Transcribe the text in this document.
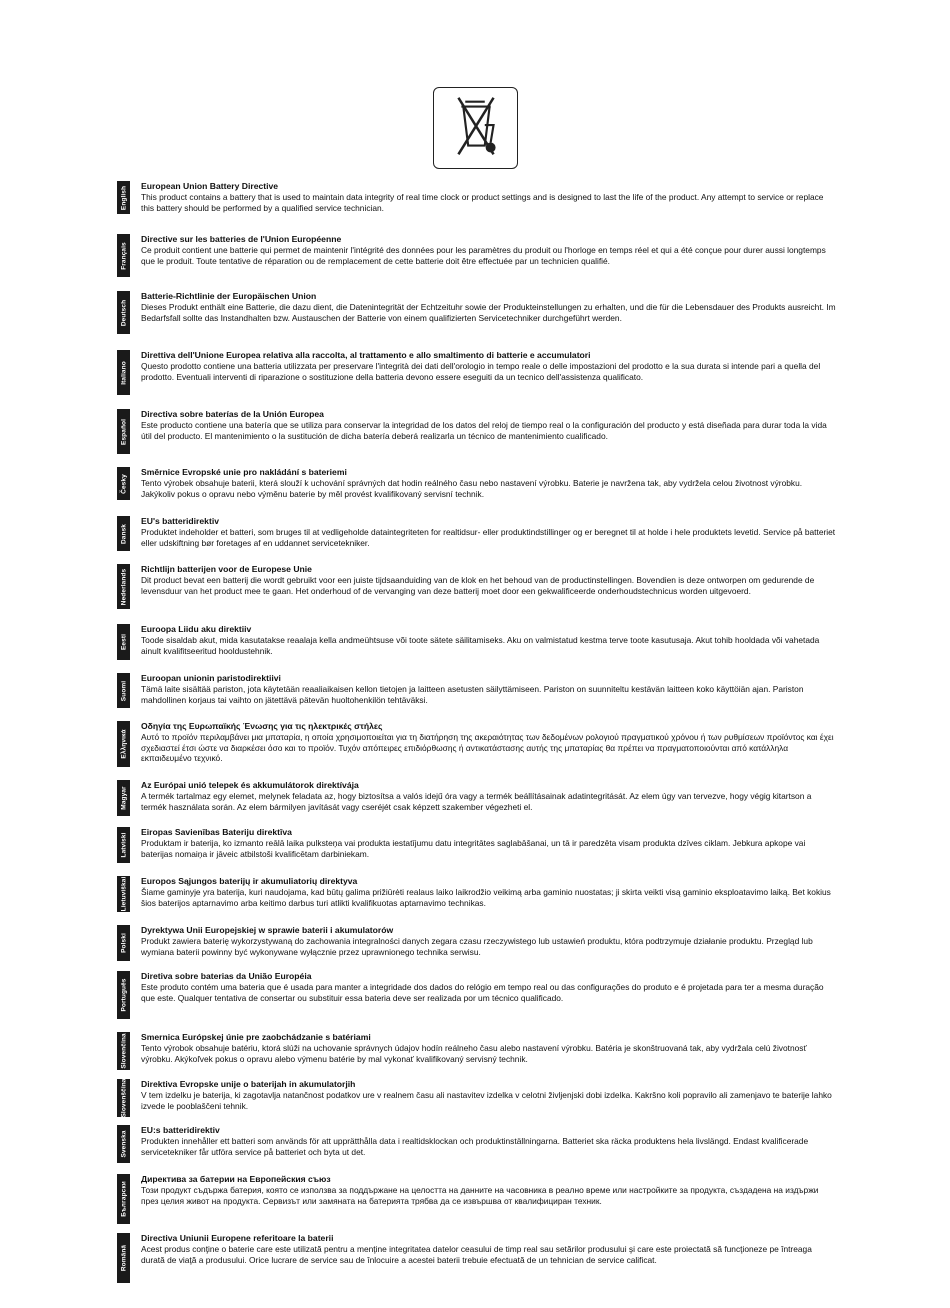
English European Union Battery Directive

This product contains a battery that is used to maintain data integrity of real time clock or product settings and is designed to last the life of the product. Any attempt to service or replace this battery should be performed by a qualified service technician.

Français

Directive sur les batteries de l'Union Européenne

Ce produit contient une batterie qui permet de maintenir l'intégrité des données pour les paramètres du produit ou l'horloge en temps réel et qui a été conçue pour durer aussi longtemps que le produit. Toute tentative de réparation ou de remplacement de cette batterie doit être effectuée par un technicien qualifié.

Deutsch

Batterie-Richtlinie der Europäischen Union

Dieses Produkt enthält eine Batterie, die dazu dient, die Datenintegrität der Echtzeituhr sowie der Produkteinstellungen zu erhalten, und die für die Lebensdauer des Produkts ausreicht. Im Bedarfsfall sollte das Instandhalten bzw. Austauschen der Batterie von einem qualifizierten Servicetechniker durchgeführt werden.

Italiano

Direttiva dell'Unione Europea relativa alla raccolta, al trattamento e allo smaltimento di batterie e accumulatori

Questo prodotto contiene una batteria utilizzata per preservare l'integrità dei dati dell'orologio in tempo reale o delle impostazioni del prodotto e la sua durata si intende pari a quella del prodotto. Eventuali interventi di riparazione o sostituzione della batteria devono essere eseguiti da un tecnico dell'assistenza qualificato.

Español

Directiva sobre baterías de la Unión Europea

Este producto contiene una batería que se utiliza para conservar la integridad de los datos del reloj de tiempo real o la configuración del producto y está diseñada para durar toda la vida útil del producto. El mantenimiento o la sustitución de dicha batería deberá realizarla un técnico de mantenimiento cualificado.

Česky

Směrnice Evropské unie pro nakládání s bateriemi

Tento výrobek obsahuje baterii, která slouží k uchování správných dat hodin reálného času nebo nastavení výrobku. Baterie je navržena tak, aby vydržela celou životnost výrobku. Jakýkoliv pokus o opravu nebo výměnu baterie by měl provést kvalifikovaný servisní technik.

Dansk

EU's batteridirektiv

Produktet indeholder et batteri, som bruges til at vedligeholde dataintegriteten for realtidsur- eller produktindstillinger og er beregnet til at holde i hele produktets levetid. Service på batteriet eller udskiftning bør foretages af en uddannet servicetekniker.

Nederlands Richtlijn batterijen voor de Europese Unie

Dit product bevat een batterij die wordt gebruikt voor een juiste tijdsaanduiding van de klok en het behoud van de productinstellingen. Bovendien is deze ontworpen om gedurende de levensduur van het product mee te gaan. Het onderhoud of de vervanging van deze batterij moet door een gekwalificeerde onderhoudstechnicus worden uitgevoerd.

Eesti

Euroopa Liidu aku direktiiv

Toode sisaldab akut, mida kasutatakse reaalaja kella andmeühtsuse või toote sätete säilitamiseks. Aku on valmistatud kestma terve toote kasutusaja. Akut tohib hooldada või vahetada ainult kvalifitseeritud hooldustehnik.

Suomi

Euroopan unionin paristodirektiivi

Tämä laite sisältää pariston, jota käytetään reaaliaikaisen kellon tietojen ja laitteen asetusten säilyttämiseen. Pariston on suunniteltu kestävän laitteen koko käyttöiän ajan. Pariston mahdollinen korjaus tai vaihto on jätettävä pätevän huoltohenkilön tehtäväksi.

Ελληνικά

Οδηγία της Ευρωπαϊκής Ένωσης για τις ηλεκτρικές στήλες

Αυτό το προϊόν περιλαμβάνει μια μπαταρία, η οποία χρησιμοποιείται για τη διατήρηση της ακεραιότητας των δεδομένων ρολογιού πραγματικού χρόνου ή των ρυθμίσεων προϊόντος και έχει σχεδιαστεί έτσι ώστε να διαρκέσει όσο και το προϊόν. Τυχόν απόπειρες επιδιόρθωσης ή αντικατάστασης αυτής της μπαταρίας θα πρέπει να πραγματοποιούνται από κατάλληλα εκπαιδευμένο τεχνικό.

Magyar

Az Európai unió telepek és akkumulátorok direktívája

A termék tartalmaz egy elemet, melynek feladata az, hogy biztosítsa a valós idejű óra vagy a termék beállításainak adatintegritását. Az elem úgy van tervezve, hogy végig kitartson a termék használata során. Az elem bármilyen javítását vagy cseréjét csak képzett szakember végezheti el.

Latviski

Eiropas Savienības Bateriju direktīva

Produktam ir baterija, ko izmanto reālā laika pulksteņa vai produkta iestatījumu datu integritātes saglabāšanai, un tā ir paredzēta visam produkta dzīves ciklam. Jebkura apkope vai baterijas nomaiņa ir jāveic atbilstoši kvalificētam darbiniekam.

Lietuviškai Europos Sąjungos baterijų ir akumuliatorių direktyva

Šiame gaminyje yra baterija, kuri naudojama, kad būtų galima prižiūrėti realaus laiko laikrodžio veikimą arba gaminio nuostatas; ji skirta veikti visą gaminio eksploatavimo laiką. Bet kokius šios baterijos aptarnavimo arba keitimo darbus turi atlikti kvalifikuotas aptarnavimo technikas.

Polski

Dyrektywa Unii Europejskiej w sprawie baterii i akumulatorów

Produkt zawiera baterię wykorzystywaną do zachowania integralności danych zegara czasu rzeczywistego lub ustawień produktu, która podtrzymuje działanie produktu. Przegląd lub wymiana baterii powinny być wykonywane wyłącznie przez uprawnionego technika serwisu.

Português

Diretiva sobre baterias da União Européia

Este produto contém uma bateria que é usada para manter a integridade dos dados do relógio em tempo real ou das configurações do produto e é projetada para ter a mesma duração que este. Qualquer tentativa de consertar ou substituir essa bateria deve ser realizada por um técnico qualificado.

Slovenčina Smernica Európskej únie pre zaobchádzanie s batériami

Tento výrobok obsahuje batériu, ktorá slúži na uchovanie správnych údajov hodín reálneho času alebo nastavení výrobku. Batéria je skonštruovaná tak, aby vydržala celú životnosť výrobku. Akýkoľvek pokus o opravu alebo výmenu batérie by mal vykonať kvalifikovaný servisný technik.

Slovenščina Direktiva Evropske unije o baterijah in akumulatorjih

V tem izdelku je baterija, ki zagotavlja natančnost podatkov ure v realnem času ali nastavitev izdelka v celotni življenjski dobi izdelka. Kakršno koli popravilo ali zamenjavo te baterije lahko izvede le pooblaščeni tehnik.

Svenska

EU:s batteridirektiv

Produkten innehåller ett batteri som används för att upprätthålla data i realtidsklockan och produktinställningarna. Batteriet ska räcka produktens hela livslängd. Endast kvalificerade servicetekniker får utföra service på batteriet och byta ut det.

Български

Директива за батерии на Европейския съюз

Този продукт съдържа батерия, която се използва за поддържане на целостта на данните на часовника в реално време или настройките за продукта, създадена на издържи през целия живот на продукта. Сервизът или замяната на батерията трябва да се извършва от квалифициран техник.

Română

Directiva Uniunii Europene referitoare la baterii

Acest produs conţine o baterie care este utilizată pentru a menţine integritatea datelor ceasului de timp real sau setărilor produsului şi care este proiectată să funcţioneze pe întreaga durată de viaţă a produsului. Orice lucrare de service sau de înlocuire a acestei baterii trebuie efectuată de un tehnician de service calificat.
